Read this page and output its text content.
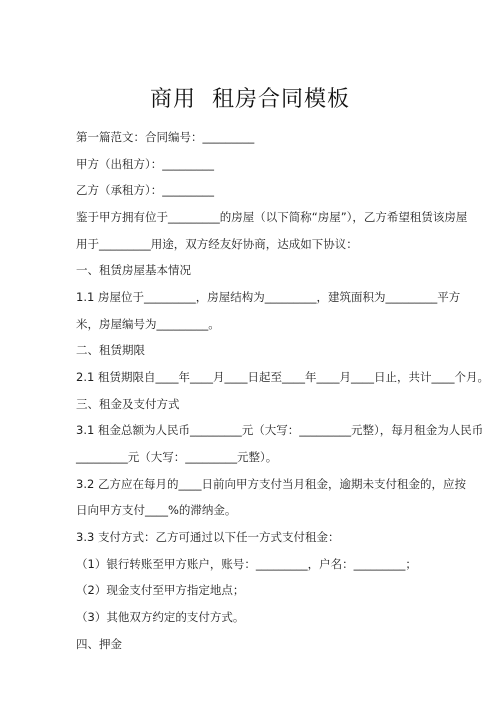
商用  租房合同模板
第一篇范文：合同编号：_________
甲方（出租方）：_________
乙方（承租方）：_________
鉴于甲方拥有位于_________的房屋（以下简称“房屋”），乙方希望租赁该房屋
用于_________用途，双方经友好协商，达成如下协议：
一、租赁房屋基本情况
1.1 房屋位于_________，房屋结构为_________，建筑面积为_________平方
米，房屋编号为_________。
二、租赁期限
2.1 租赁期限自____年____月____日起至____年____月____日止，共计____个月。
三、租金及支付方式
3.1 租金总额为人民币_________元（大写：_________元整），每月租金为人民币
_________元（大写：_________元整）。
3.2 乙方应在每月的____日前向甲方支付当月租金，逾期未支付租金的，应按
日向甲方支付____%的滞纳金。
3.3 支付方式：乙方可通过以下任一方式支付租金：
（1）银行转账至甲方账户，账号：_________，户名：_________；
（2）现金支付至甲方指定地点；
（3）其他双方约定的支付方式。
四、押金
